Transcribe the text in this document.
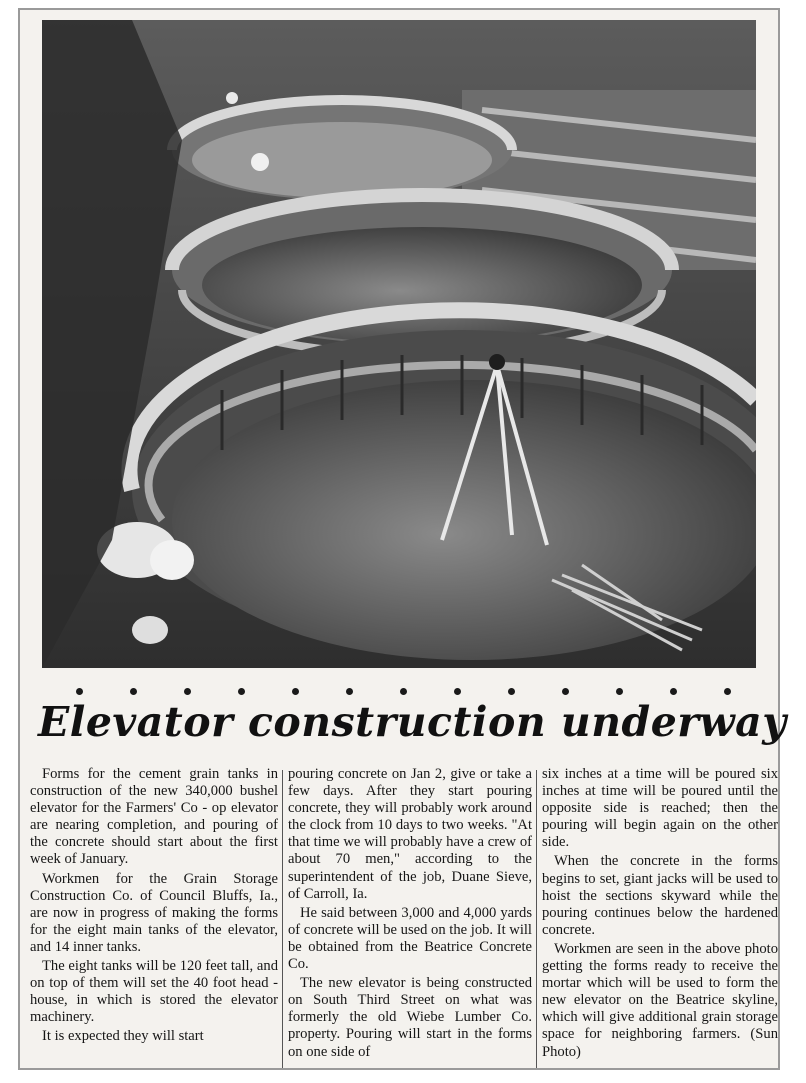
Elevator construction underway

Forms for the cement grain tanks in construction of the new 340,000 bushel elevator for the Farmers' Co - op elevator are nearing completion, and pouring of the concrete should start about the first week of January.

Workmen for the Grain Storage Construction Co. of Council Bluffs, Ia., are now in progress of making the forms for the eight main tanks of the elevator, and 14 inner tanks.

The eight tanks will be 120 feet tall, and on top of them will set the 40 foot head - house, in which is stored the elevator machinery.

It is expected they will start

pouring concrete on Jan 2, give or take a few days. After they start pouring concrete, they will probably work around the clock from 10 days to two weeks. "At that time we will probably have a crew of about 70 men," according to the superintendent of the job, Duane Sieve, of Carroll, Ia.

He said between 3,000 and 4,000 yards of concrete will be used on the job. It will be obtained from the Beatrice Concrete Co.

The new elevator is being constructed on South Third Street on what was formerly the old Wiebe Lumber Co. property. Pouring will start in the forms on one side of

six inches at a time will be poured six inches at time will be poured until the opposite side is reached; then the pouring will begin again on the other side.

When the concrete in the forms begins to set, giant jacks will be used to hoist the sections skyward while the pouring continues below the hardened concrete.

Workmen are seen in the above photo getting the forms ready to receive the mortar which will be used to form the new elevator on the Beatrice skyline, which will give additional grain storage space for neighboring farmers. (Sun Photo)
